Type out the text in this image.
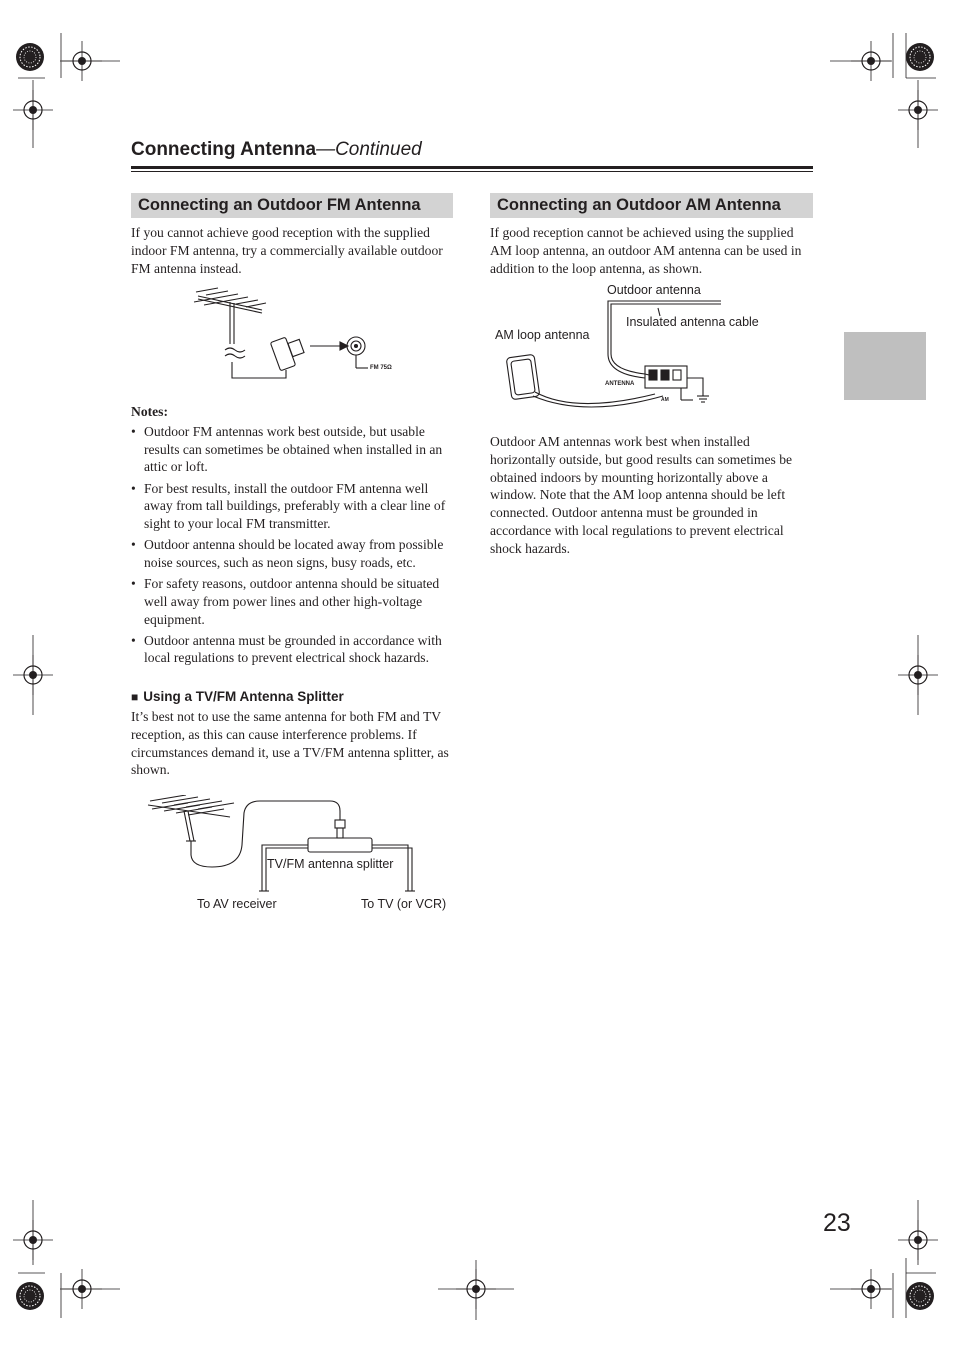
Connecting Antenna—Continued
Connecting an Outdoor FM Antenna

If you cannot achieve good reception with the supplied indoor FM antenna, try a commercially available outdoor FM antenna instead.

FM 75Ω

Notes:

• Outdoor FM antennas work best outside, but usable results can sometimes be obtained when installed in an attic or loft.
• For best results, install the outdoor FM antenna well away from tall buildings, preferably with a clear line of sight to your local FM transmitter.
• Outdoor antenna should be located away from possible noise sources, such as neon signs, busy roads, etc.
• For safety reasons, outdoor antenna should be situated well away from power lines and other high-voltage equipment.
• Outdoor antenna must be grounded in accordance with local regulations to prevent electrical shock hazards.
■ Using a TV/FM Antenna Splitter

It’s best not to use the same antenna for both FM and TV reception, as this can cause interference problems. If circumstances demand it, use a TV/FM antenna splitter, as shown.

TV/FM antenna splitter
To AV receiver	To TV (or VCR)
Connecting an Outdoor AM Antenna

If good reception cannot be achieved using the supplied AM loop antenna, an outdoor AM antenna can be used in addition to the loop antenna, as shown.

Outdoor antenna
Insulated antenna cable
AM loop antenna
ANTENNA
AM

Outdoor AM antennas work best when installed horizontally outside, but good results can sometimes be obtained indoors by mounting horizontally above a window. Note that the AM loop antenna should be left connected. Outdoor antenna must be grounded in accordance with local regulations to prevent electrical shock hazards.

23
